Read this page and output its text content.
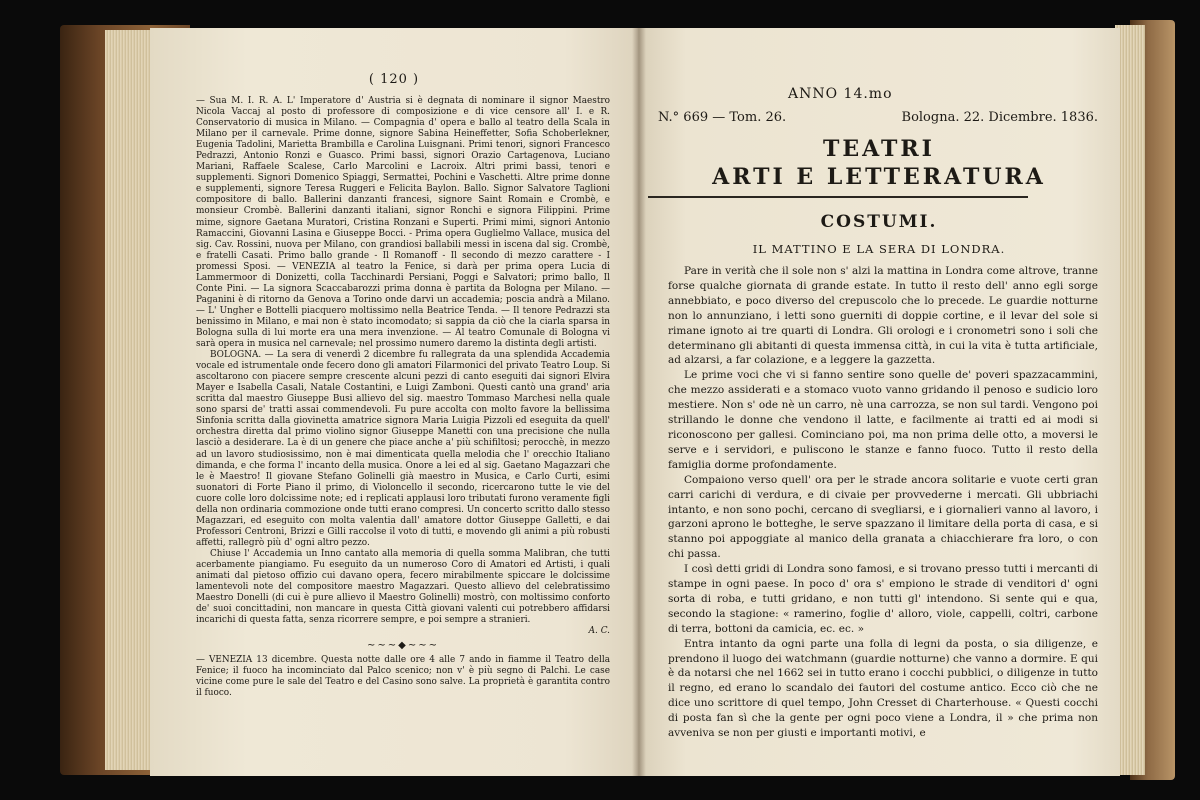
( 120 )

— Sua M. I. R. A. L' Imperatore d' Austria si è degnata di nominare il signor Maestro Nicola Vaccaj al posto di professore di composizione e di vice censore all' I. e R. Conservatorio di musica in Milano. — Compagnia d' opera e ballo al teatro della Scala in Milano per il carnevale. Prime donne, signore Sabina Heineffetter, Sofia Schoberlekner, Eugenia Tadolini, Marietta Brambilla e Carolina Luisgnani. Primi tenori, signori Francesco Pedrazzi, Antonio Ronzi e Guasco. Primi bassi, signori Orazio Cartagenova, Luciano Mariani, Raffaele Scalese, Carlo Marcolini e Lacroix. Altri primi bassi, tenori e supplementi. Signori Domenico Spiaggi, Sermattei, Pochini e Vaschetti. Altre prime donne e supplementi, signore Teresa Ruggeri e Felicita Baylon. Ballo. Signor Salvatore Taglioni compositore di ballo. Ballerini danzanti francesi, signore Saint Romain e Crombè, e monsieur Crombè. Ballerini danzanti italiani, signor Ronchi e signora Filippini. Prime mime, signore Gaetana Muratori, Cristina Ronzani e Superti. Primi mimi, signori Antonio Ramaccini, Giovanni Lasina e Giuseppe Bocci. - Prima opera Guglielmo Vallace, musica del sig. Cav. Rossini, nuova per Milano, con grandiosi ballabili messi in iscena dal sig. Crombè, e fratelli Casati. Primo ballo grande - Il Romanoff - Il secondo di mezzo carattere - I promessi Sposi. — VENEZIA al teatro la Fenice, si darà per prima opera Lucia di Lammermoor di Donizetti, colla Tacchinardi Persiani, Poggi e Salvatori; primo ballo, Il Conte Pini. — La signora Scaccabarozzi prima donna è partita da Bologna per Milano. — Paganini è di ritorno da Genova a Torino onde darvi un accademia; poscia andrà a Milano. — L' Ungher e Bottelli piacquero moltissimo nella Beatrice Tenda. — Il tenore Pedrazzi sta benissimo in Milano, e mai non è stato incomodato; si sappia da ciò che la ciarla sparsa in Bologna sulla di lui morte era una mera invenzione. — Al teatro Comunale di Bologna vi sarà opera in musica nel carnevale; nel prossimo numero daremo la distinta degli artisti.

BOLOGNA. — La sera di venerdì 2 dicembre fu rallegrata da una splendida Accademia vocale ed istrumentale onde fecero dono gli amatori Filarmonici del privato Teatro Loup. Si ascoltarono con piacere sempre crescente alcuni pezzi di canto eseguiti dai signori Elvira Mayer e Isabella Casali, Natale Costantini, e Luigi Zamboni. Questi cantò una grand' aria scritta dal maestro Giuseppe Busi allievo del sig. maestro Tommaso Marchesi nella quale sono sparsi de' tratti assai commendevoli. Fu pure accolta con molto favore la bellissima Sinfonia scritta dalla giovinetta amatrice signora Maria Luigia Pizzoli ed eseguita da quell' orchestra diretta dal primo violino signor Giuseppe Manetti con una precisione che nulla lasciò a desiderare. La è di un genere che piace anche a' più schifiltosi; perocchè, in mezzo ad un lavoro studiosissimo, non è mai dimenticata quella melodia che l' orecchio Italiano dimanda, e che forma l' incanto della musica. Onore a lei ed al sig. Gaetano Magazzari che le è Maestro! Il giovane Stefano Golinelli già maestro in Musica, e Carlo Curti, esimi suonatori di Forte Piano il primo, di Violoncello il secondo, ricercarono tutte le vie del cuore colle loro dolcissime note; ed i replicati applausi loro tributati furono veramente figli della non ordinaria commozione onde tutti erano compresi. Un concerto scritto dallo stesso Magazzari, ed eseguito con molta valentia dall' amatore dottor Giuseppe Galletti, e dai Professori Centroni, Brizzi e Gilli raccolse il voto di tutti, e movendo gli animi a più robusti affetti, rallegrò più d' ogni altro pezzo.

Chiuse l' Accademia un Inno cantato alla memoria di quella somma Malibran, che tutti acerbamente piangiamo. Fu eseguito da un numeroso Coro di Amatori ed Artisti, i quali animati dal pietoso offizio cui davano opera, fecero mirabilmente spiccare le dolcissime lamentevoli note del compositore maestro Magazzari. Questo allievo del celebratissimo Maestro Donelli (di cui è pure allievo il Maestro Golinelli) mostrò, con moltissimo conforto de' suoi concittadini, non mancare in questa Città giovani valenti cui potrebbero affidarsi incarichi di questa fatta, senza ricorrere sempre, e poi sempre a stranieri.

A. C.
∼∼∼◆∼∼∼

— VENEZIA 13 dicembre. Questa notte dalle ore 4 alle 7 ando in fiamme il Teatro della Fenice; il fuoco ha incominciato dal Palco scenico; non v' è più segno di Palchi. Le case vicine come pure le sale del Teatro e del Casino sono salve. La proprietà è garantita contro il fuoco.

ANNO 14.mo
N.° 669 — Tom. 26.	Bologna. 22. Dicembre. 1836.
TEATRI
ARTI E LETTERATURA
COSTUMI.
IL MATTINO E LA SERA DI LONDRA.

Pare in verità che il sole non s' alzi la mattina in Londra come altrove, tranne forse qualche giornata di grande estate. In tutto il resto dell' anno egli sorge annebbiato, e poco diverso del crepuscolo che lo precede. Le guardie notturne non lo annunziano, i letti sono guerniti di doppie cortine, e il levar del sole si rimane ignoto ai tre quarti di Londra. Gli orologi e i cronometri sono i soli che determinano gli abitanti di questa immensa città, in cui la vita è tutta artificiale, ad alzarsi, a far colazione, e a leggere la gazzetta.

Le prime voci che vi si fanno sentire sono quelle de' poveri spazzacammini, che mezzo assiderati e a stomaco vuoto vanno gridando il penoso e sudicio loro mestiere. Non s' ode nè un carro, nè una carrozza, se non sul tardi. Vengono poi strillando le donne che vendono il latte, e facilmente ai tratti ed ai modi si riconoscono per gallesi. Cominciano poi, ma non prima delle otto, a moversi le serve e i servidori, e puliscono le stanze e fanno fuoco. Tutto il resto della famiglia dorme profondamente.

Compaiono verso quell' ora per le strade ancora solitarie e vuote certi gran carri carichi di verdura, e di civaie per provvederne i mercati. Gli ubbriachi intanto, e non sono pochi, cercano di svegliarsi, e i giornalieri vanno al lavoro, i garzoni aprono le botteghe, le serve spazzano il limitare della porta di casa, e si stanno poi appoggiate al manico della granata a chiacchierare fra loro, o con chi passa.

I così detti gridi di Londra sono famosi, e si trovano presso tutti i mercanti di stampe in ogni paese. In poco d' ora s' empiono le strade di venditori d' ogni sorta di roba, e tutti gridano, e non tutti gl' intendono. Si sente qui e qua, secondo la stagione: « ramerino, foglie d' alloro, viole, cappelli, coltri, carbone di terra, bottoni da camicia, ec. ec. »

Entra intanto da ogni parte una folla di legni da posta, o sia diligenze, e prendono il luogo dei watchmann (guardie notturne) che vanno a dormire. E qui è da notarsi che nel 1662 sei in tutto erano i cocchi pubblici, o diligenze in tutto il regno, ed erano lo scandalo dei fautori del costume antico. Ecco ciò che ne dice uno scrittore di quel tempo, John Cresset di Charterhouse. « Questi cocchi di posta fan sì che la gente per ogni poco viene a Londra, il » che prima non avveniva se non per giusti e importanti motivi, e
